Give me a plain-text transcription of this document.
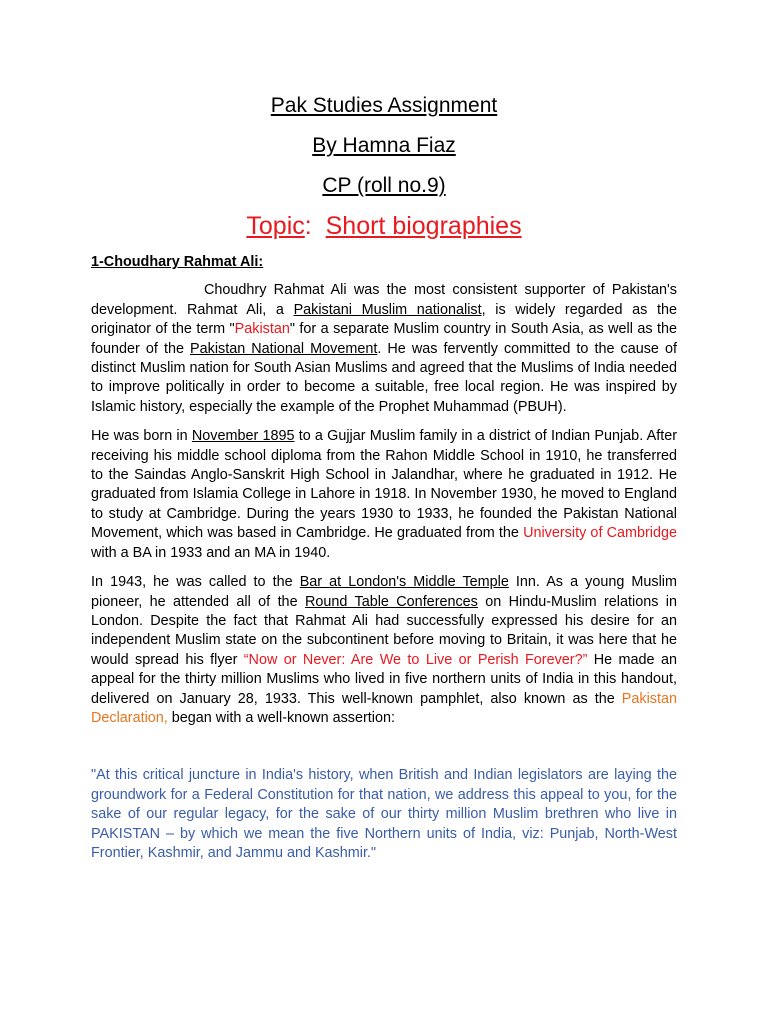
Pak Studies Assignment
By Hamna Fiaz
CP (roll no.9)
Topic: Short biographies
1-Choudhary Rahmat Ali:

Choudhry Rahmat Ali was the most consistent supporter of Pakistan's development. Rahmat Ali, a Pakistani Muslim nationalist, is widely regarded as the originator of the term "Pakistan" for a separate Muslim country in South Asia, as well as the founder of the Pakistan National Movement. He was fervently committed to the cause of distinct Muslim nation for South Asian Muslims and agreed that the Muslims of India needed to improve politically in order to become a suitable, free local region. He was inspired by Islamic history, especially the example of the Prophet Muhammad (PBUH).

He was born in November 1895 to a Gujjar Muslim family in a district of Indian Punjab. After receiving his middle school diploma from the Rahon Middle School in 1910, he transferred to the Saindas Anglo-Sanskrit High School in Jalandhar, where he graduated in 1912. He graduated from Islamia College in Lahore in 1918. In November 1930, he moved to England to study at Cambridge. During the years 1930 to 1933, he founded the Pakistan National Movement, which was based in Cambridge. He graduated from the University of Cambridge with a BA in 1933 and an MA in 1940.

In 1943, he was called to the Bar at London's Middle Temple Inn. As a young Muslim pioneer, he attended all of the Round Table Conferences on Hindu-Muslim relations in London. Despite the fact that Rahmat Ali had successfully expressed his desire for an independent Muslim state on the subcontinent before moving to Britain, it was here that he would spread his flyer “Now or Never: Are We to Live or Perish Forever?” He made an appeal for the thirty million Muslims who lived in five northern units of India in this handout, delivered on January 28, 1933. This well-known pamphlet, also known as the Pakistan Declaration, began with a well-known assertion:

"At this critical juncture in India's history, when British and Indian legislators are laying the groundwork for a Federal Constitution for that nation, we address this appeal to you, for the sake of our regular legacy, for the sake of our thirty million Muslim brethren who live in PAKISTAN – by which we mean the five Northern units of India, viz: Punjab, North-West Frontier, Kashmir, and Jammu and Kashmir."
